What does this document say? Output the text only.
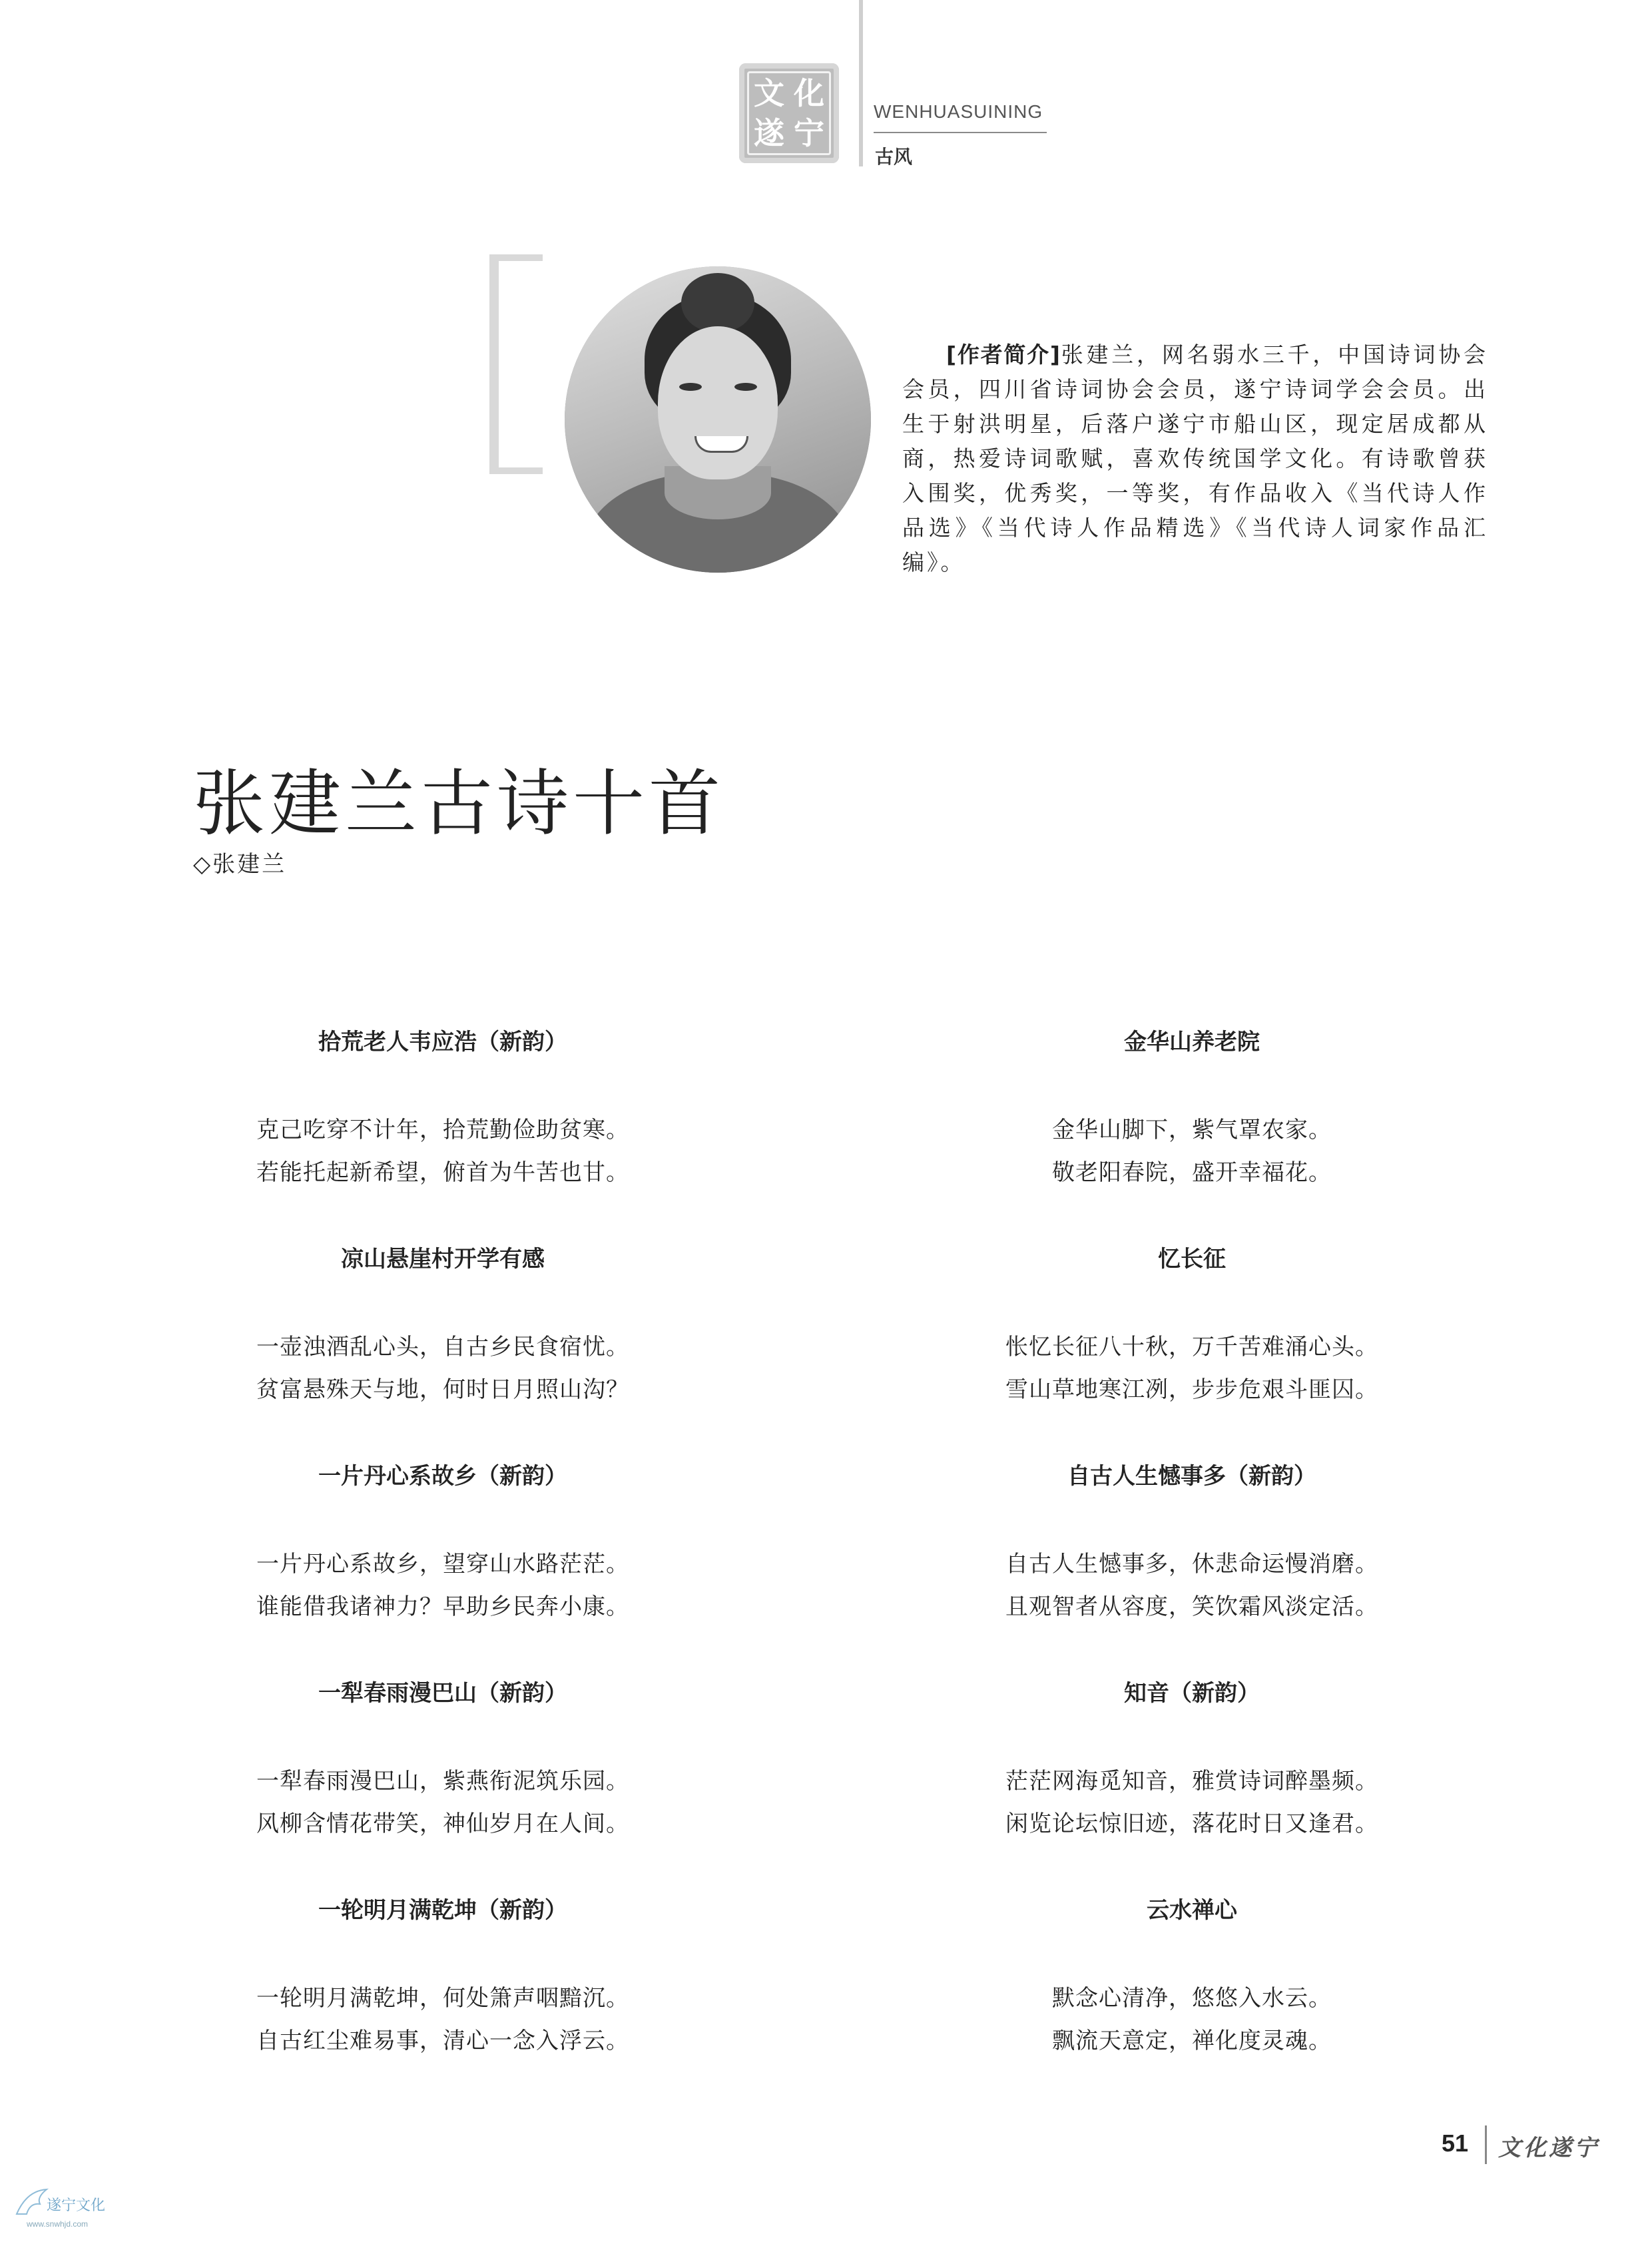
文 化
遂 宁
WENHUASUINING
古风
[作者简介]张建兰，网名弱水三千，中国诗词协会会员，四川省诗词协会会员，遂宁诗词学会会员。出生于射洪明星，后落户遂宁市船山区，现定居成都从商，热爱诗词歌赋，喜欢传统国学文化。有诗歌曾获入围奖，优秀奖，一等奖，有作品收入《当代诗人作品选》《当代诗人作品精选》《当代诗人词家作品汇编》。
张建兰古诗十首
◇张建兰
拾荒老人韦应浩（新韵）
克己吃穿不计年，拾荒勤俭助贫寒。
若能托起新希望，俯首为牛苦也甘。
凉山悬崖村开学有感
一壶浊酒乱心头，自古乡民食宿忧。
贫富悬殊天与地，何时日月照山沟？
一片丹心系故乡（新韵）
一片丹心系故乡，望穿山水路茫茫。
谁能借我诸神力？早助乡民奔小康。
一犁春雨漫巴山（新韵）
一犁春雨漫巴山，紫燕衔泥筑乐园。
风柳含情花带笑，神仙岁月在人间。
一轮明月满乾坤（新韵）
一轮明月满乾坤，何处箫声咽黯沉。
自古红尘难易事，清心一念入浮云。
金华山养老院
金华山脚下，紫气罩农家。
敬老阳春院，盛开幸福花。
忆长征
怅忆长征八十秋，万千苦难涌心头。
雪山草地寒江冽，步步危艰斗匪囚。
自古人生憾事多（新韵）
自古人生憾事多，休悲命运慢消磨。
且观智者从容度，笑饮霜风淡定活。
知音（新韵）
茫茫网海觅知音，雅赏诗词醉墨频。
闲览论坛惊旧迹，落花时日又逢君。
云水禅心
默念心清净，悠悠入水云。
飘流天意定，禅化度灵魂。
51 文化遂宁
遂宁文化
www.snwhjd.com
